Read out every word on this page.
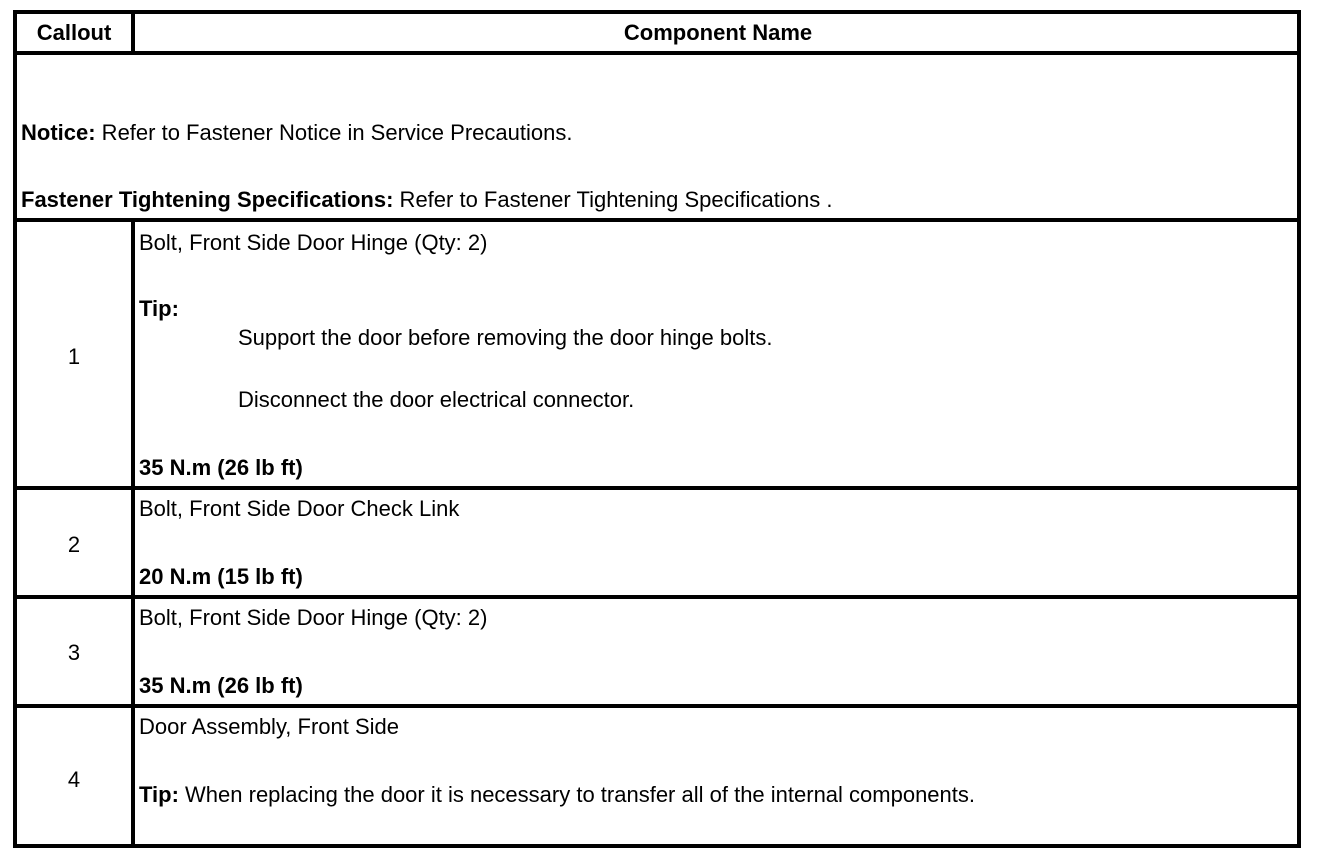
Callout	Component Name
Notice: Refer to Fastener Notice in Service Precautions.
Fastener Tightening Specifications: Refer to Fastener Tightening Specifications .
1
Bolt, Front Side Door Hinge (Qty: 2)
Tip:
Support the door before removing the door hinge bolts.
Disconnect the door electrical connector.
35 N.m (26 lb ft)
2
Bolt, Front Side Door Check Link
20 N.m (15 lb ft)
3
Bolt, Front Side Door Hinge (Qty: 2)
35 N.m (26 lb ft)
4
Door Assembly, Front Side
Tip: When replacing the door it is necessary to transfer all of the internal components.
